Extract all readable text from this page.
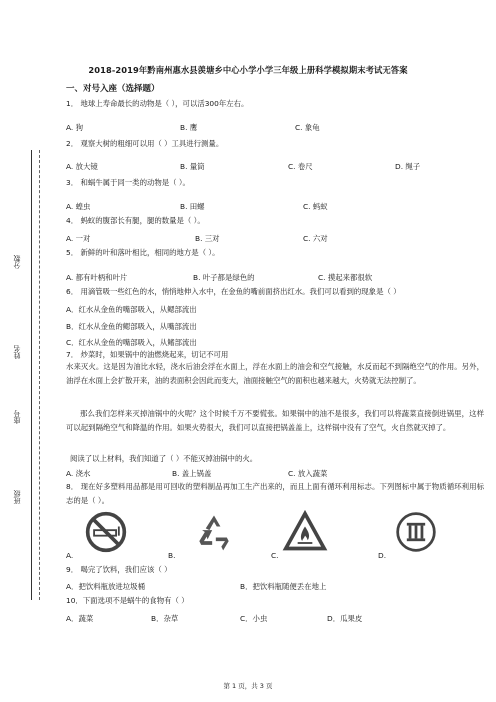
分数
姓名
座号
班级
2018-2019年黔南州惠水县羡塘乡中心小学小学三年级上册科学模拟期末考试无答案
一、对号入座（选择题）
1． 地球上寿命最长的动物是（ ），可以活300年左右。
A. 狗	B. 鹰	C. 象龟
2． 观察大树的粗细可以用（ ）工具进行测量。
A. 放大镜	B. 量筒	C. 卷尺	D. 绳子
3． 和蜗牛属于同一类的动物是（ ）。
A. 蝗虫	B. 田螺	C. 蚂蚁
4． 蚂蚁的腹部长有腿，腿的数量是（ ）。
A. 一对	B. 三对	C. 六对
5． 新鲜的叶和落叶相比，相同的地方是（ ）。
A. 都有叶柄和叶片	B. 叶子都是绿色的	C. 摸起来都很软
6． 用滴管吸一些红色的水，悄悄地伸入水中，在金鱼的嘴前面挤出红水。我们可以看到的现象是（ ）
A．红水从金鱼的嘴部吸入，从鳃部流出
B．红水从金鱼的鳃部吸入，从嘴部流出
C．红水从金鱼的嘴部吸入，从鳍部流出
7． 炒菜时，如果锅中的油燃烧起来，切记不可用
水来灭火。这是因为油比水轻，浇水后油会浮在水面上，浮在水面上的油会和空气接触，水反而起不到隔绝空气的作用。另外，油浮在水面上会扩散开来，油的表面积会因此而变大，油面接触空气的面积也越来越大，火势就无法控制了。
那么我们怎样来灭掉油锅中的火呢？这个时候千万不要慌张。如果锅中的油不是很多，我们可以将蔬菜直接倒进锅里，这样可以起到隔绝空气和降温的作用。如果火势很大，我们可以直接把锅盖盖上，这样锅中没有了空气，火自然就灭掉了。
阅读了以上材料，我们知道了（ ）不能灭掉油锅中的火。
A. 浇水	B. 盖上锅盖	C. 放入蔬菜
8． 现在好多塑料用品都是用可回收的塑料制品再加工生产出来的，而且上面有循环利用标志。下列图标中属于物质循环利用标志的是（ ）。
A.	B.	C.	D.
9． 喝完了饮料，我们应该（ ）
A．把饮料瓶放进垃圾桶	B．把饮料瓶随便丢在地上
10．下面选项不是蜗牛的食物有（ ）
A．蔬菜	B．杂草	C．小虫	D．瓜果皮
第 1 页，共 3 页
